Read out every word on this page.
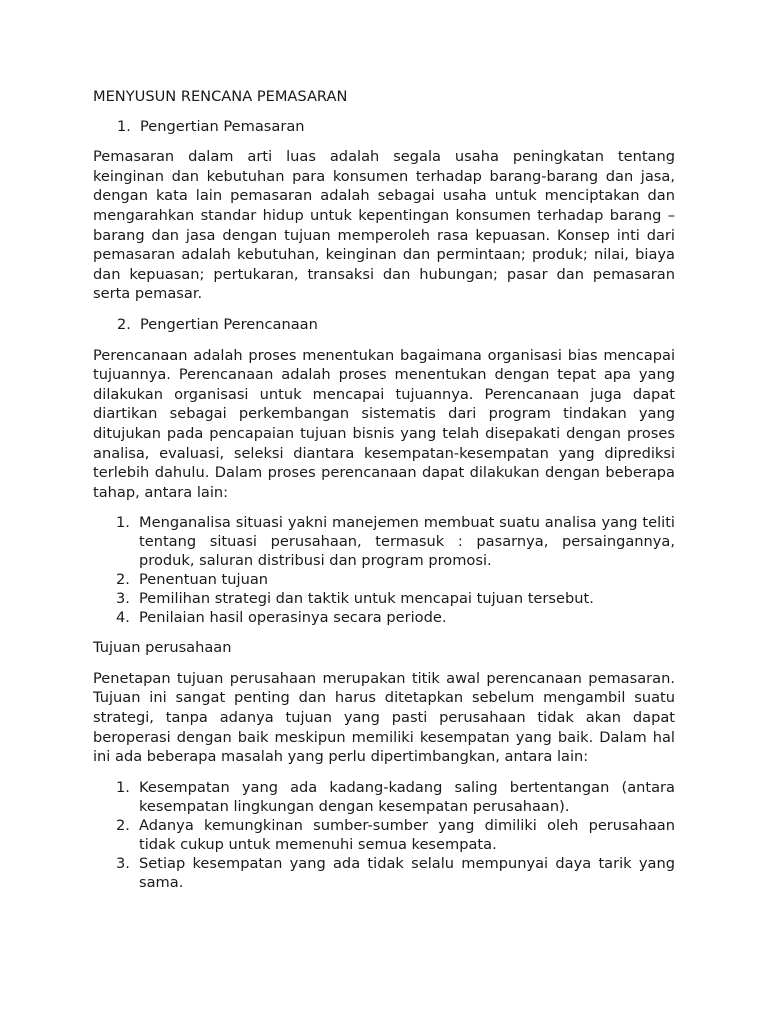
MENYUSUN RENCANA PEMASARAN
1. Pengertian Pemasaran

Pemasaran dalam arti luas adalah segala usaha peningkatan tentang keinginan dan kebutuhan para konsumen terhadap barang-barang dan jasa, dengan kata lain pemasaran adalah sebagai usaha untuk menciptakan dan mengarahkan standar hidup untuk kepentingan konsumen terhadap barang –barang dan jasa dengan tujuan memperoleh rasa kepuasan. Konsep inti dari pemasaran adalah kebutuhan, keinginan dan permintaan; produk; nilai, biaya dan kepuasan; pertukaran, transaksi dan hubungan; pasar dan pemasaran serta pemasar.

2. Pengertian Perencanaan

Perencanaan adalah proses menentukan bagaimana organisasi bias mencapai tujuannya. Perencanaan adalah proses menentukan dengan tepat apa yang dilakukan organisasi untuk mencapai tujuannya. Perencanaan juga dapat diartikan sebagai perkembangan sistematis dari program tindakan yang ditujukan pada pencapaian tujuan bisnis yang telah disepakati dengan proses analisa, evaluasi, seleksi diantara kesempatan-kesempatan yang diprediksi terlebih dahulu. Dalam proses perencanaan dapat dilakukan dengan beberapa tahap, antara lain:

1. Menganalisa situasi yakni manejemen membuat suatu analisa yang teliti tentang situasi perusahaan, termasuk : pasarnya, persaingannya, produk, saluran distribusi dan program promosi.
2. Penentuan tujuan
3. Pemilihan strategi dan taktik untuk mencapai tujuan tersebut.
4. Penilaian hasil operasinya secara periode.
Tujuan perusahaan

Penetapan tujuan perusahaan merupakan titik awal perencanaan pemasaran. Tujuan ini sangat penting dan harus ditetapkan sebelum mengambil suatu strategi, tanpa adanya tujuan yang pasti perusahaan tidak akan dapat beroperasi dengan baik meskipun memiliki kesempatan yang baik. Dalam hal ini ada beberapa masalah yang perlu dipertimbangkan, antara lain:

1. Kesempatan yang ada kadang-kadang saling bertentangan (antara kesempatan lingkungan dengan kesempatan perusahaan).
2. Adanya kemungkinan sumber-sumber yang dimiliki oleh perusahaan tidak cukup untuk memenuhi semua kesempata.
3. Setiap kesempatan yang ada tidak selalu mempunyai daya tarik yang sama.
